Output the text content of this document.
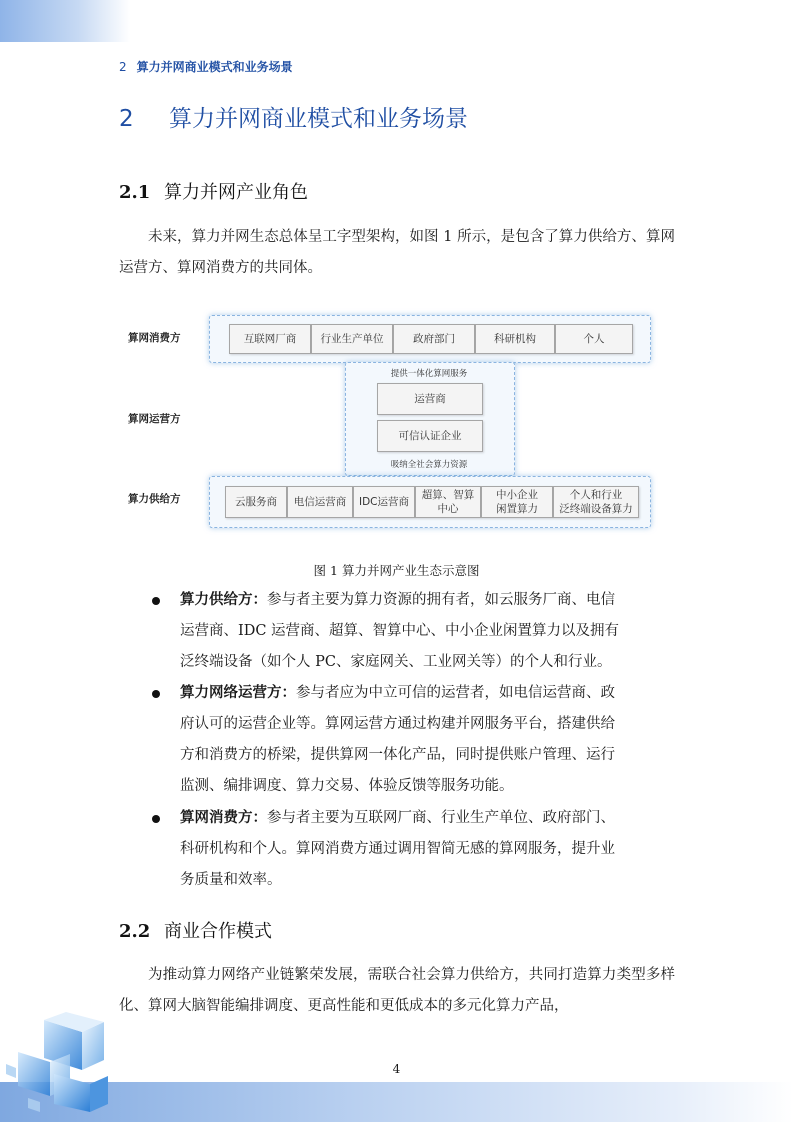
2 算力并网商业模式和业务场景
2 算力并网商业模式和业务场景
2.1 算力并网产业角色
未来，算力并网生态总体呈工字型架构，如图 1 所示，是包含了算力供给方、算网运营方、算网消费方的共同体。
算网消费方	互联网厂商	行业生产单位	政府部门	科研机构	个人
提供一体化算网服务
算网运营方
运营商
可信认证企业
吸纳全社会算力资源
算力供给方	云服务商	电信运营商	IDC运营商
超算、智算
中心
中小企业
闲置算力
个人和行业
泛终端设备算力
图 1 算力并网产业生态示意图
算力供给方：参与者主要为算力资源的拥有者，如云服务厂商、电信
运营商、IDC 运营商、超算、智算中心、中小企业闲置算力以及拥有
泛终端设备（如个人 PC、家庭网关、工业网关等）的个人和行业。
算力网络运营方：参与者应为中立可信的运营者，如电信运营商、政
府认可的运营企业等。算网运营方通过构建并网服务平台，搭建供给
方和消费方的桥梁，提供算网一体化产品，同时提供账户管理、运行
监测、编排调度、算力交易、体验反馈等服务功能。
算网消费方：参与者主要为互联网厂商、行业生产单位、政府部门、
科研机构和个人。算网消费方通过调用智简无感的算网服务，提升业
务质量和效率。
2.2 商业合作模式
为推动算力网络产业链繁荣发展，需联合社会算力供给方，共同打造算力类型多样化、算网大脑智能编排调度、更高性能和更低成本的多元化算力产品，
4
